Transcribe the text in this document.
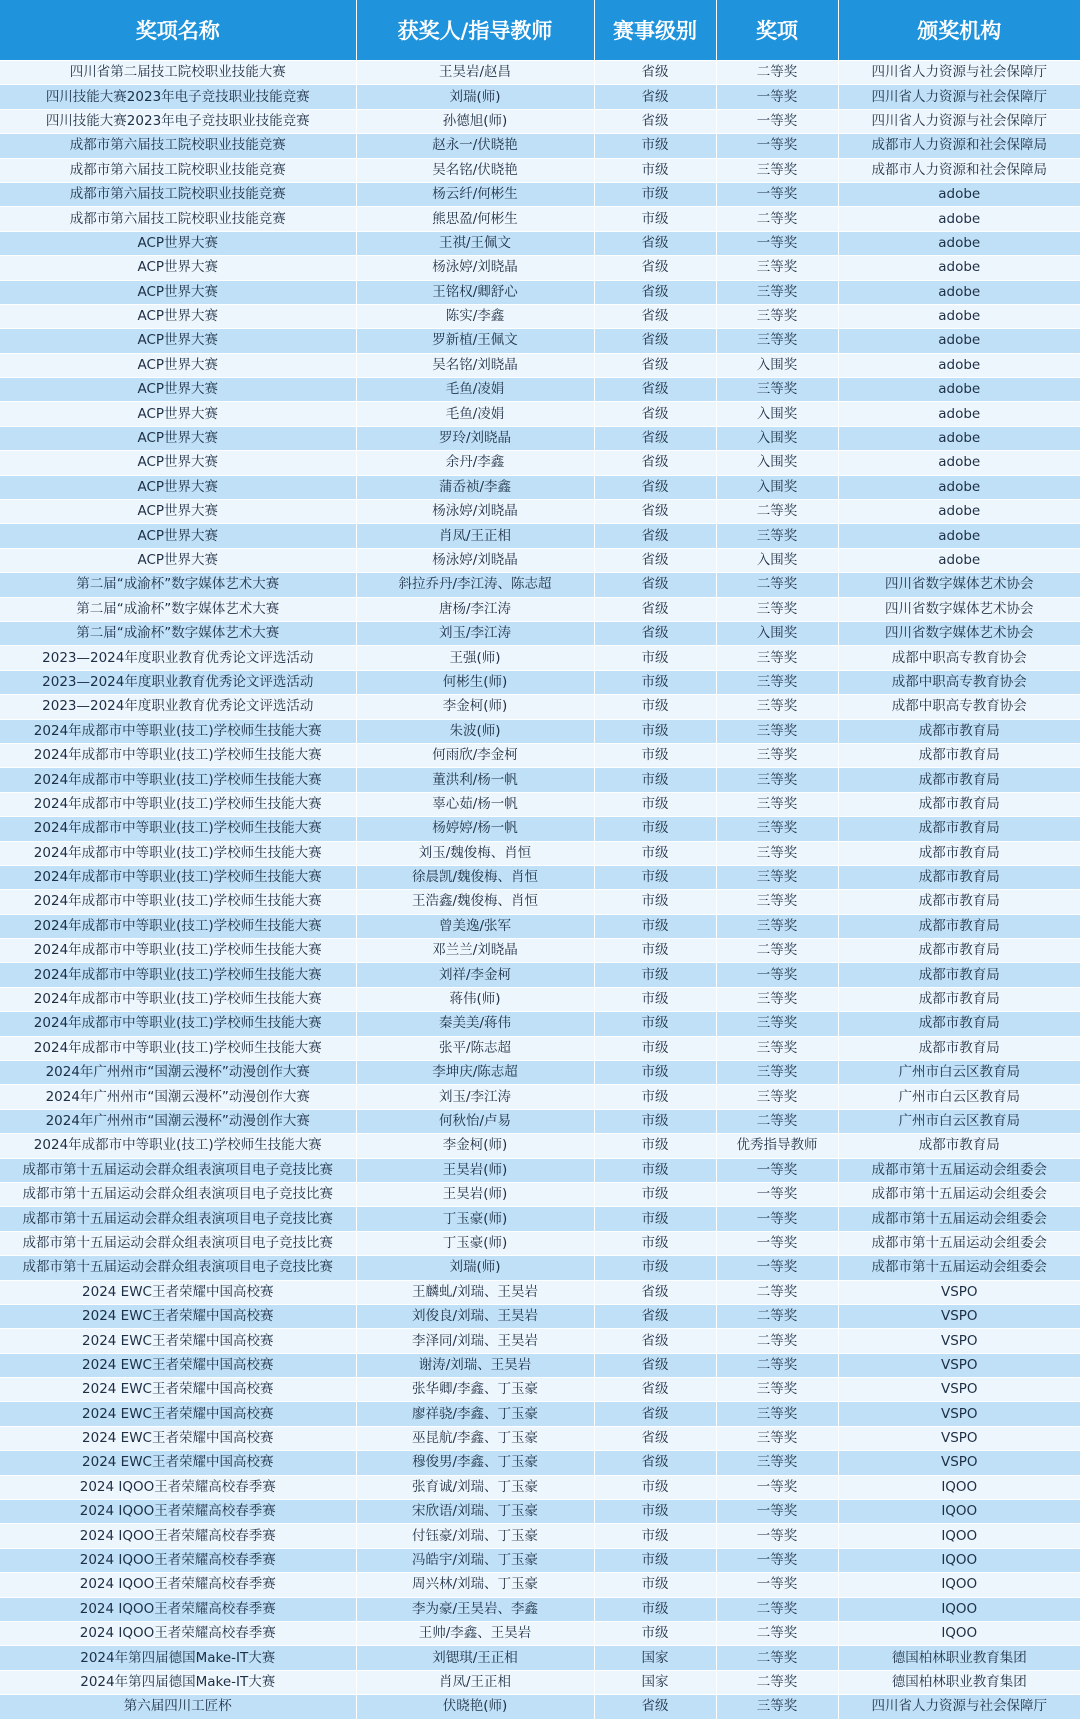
奖项名称	获奖人/指导教师	赛事级别	奖项	颁奖机构
四川省第二届技工院校职业技能大赛	王昊岩/赵昌	省级	二等奖	四川省人力资源与社会保障厅
四川技能大赛2023年电子竞技职业技能竞赛	刘瑞(师)	省级	一等奖	四川省人力资源与社会保障厅
四川技能大赛2023年电子竞技职业技能竞赛	孙德旭(师)	省级	一等奖	四川省人力资源与社会保障厅
成都市第六届技工院校职业技能竞赛	赵永一/伏晓艳	市级	一等奖	成都市人力资源和社会保障局
成都市第六届技工院校职业技能竞赛	吴名铭/伏晓艳	市级	三等奖	成都市人力资源和社会保障局
成都市第六届技工院校职业技能竞赛	杨云纤/何彬生	市级	一等奖	adobe
成都市第六届技工院校职业技能竞赛	熊思盈/何彬生	市级	二等奖	adobe
ACP世界大赛	王祺/王佩文	省级	一等奖	adobe
ACP世界大赛	杨泳婷/刘晓晶	省级	三等奖	adobe
ACP世界大赛	王铭权/卿舒心	省级	三等奖	adobe
ACP世界大赛	陈实/李鑫	省级	三等奖	adobe
ACP世界大赛	罗新植/王佩文	省级	三等奖	adobe
ACP世界大赛	吴名铭/刘晓晶	省级	入围奖	adobe
ACP世界大赛	毛鱼/凌娟	省级	三等奖	adobe
ACP世界大赛	毛鱼/凌娟	省级	入围奖	adobe
ACP世界大赛	罗玲/刘晓晶	省级	入围奖	adobe
ACP世界大赛	余丹/李鑫	省级	入围奖	adobe
ACP世界大赛	蒲岙祯/李鑫	省级	入围奖	adobe
ACP世界大赛	杨泳婷/刘晓晶	省级	二等奖	adobe
ACP世界大赛	肖凤/王正相	省级	三等奖	adobe
ACP世界大赛	杨泳婷/刘晓晶	省级	入围奖	adobe
第二届“成渝杯”数字媒体艺术大赛	斜拉乔丹/李江涛、陈志超	省级	二等奖	四川省数字媒体艺术协会
第二届“成渝杯”数字媒体艺术大赛	唐杨/李江涛	省级	三等奖	四川省数字媒体艺术协会
第二届“成渝杯”数字媒体艺术大赛	刘玉/李江涛	省级	入围奖	四川省数字媒体艺术协会
2023—2024年度职业教育优秀论文评选活动	王强(师)	市级	三等奖	成都中职高专教育协会
2023—2024年度职业教育优秀论文评选活动	何彬生(师)	市级	三等奖	成都中职高专教育协会
2023—2024年度职业教育优秀论文评选活动	李金柯(师)	市级	三等奖	成都中职高专教育协会
2024年成都市中等职业(技工)学校师生技能大赛	朱波(师)	市级	三等奖	成都市教育局
2024年成都市中等职业(技工)学校师生技能大赛	何雨欣/李金柯	市级	三等奖	成都市教育局
2024年成都市中等职业(技工)学校师生技能大赛	董洪利/杨一帆	市级	三等奖	成都市教育局
2024年成都市中等职业(技工)学校师生技能大赛	辜心茹/杨一帆	市级	三等奖	成都市教育局
2024年成都市中等职业(技工)学校师生技能大赛	杨婷婷/杨一帆	市级	三等奖	成都市教育局
2024年成都市中等职业(技工)学校师生技能大赛	刘玉/魏俊梅、肖恒	市级	三等奖	成都市教育局
2024年成都市中等职业(技工)学校师生技能大赛	徐晨凯/魏俊梅、肖恒	市级	三等奖	成都市教育局
2024年成都市中等职业(技工)学校师生技能大赛	王浩鑫/魏俊梅、肖恒	市级	三等奖	成都市教育局
2024年成都市中等职业(技工)学校师生技能大赛	曾美逸/张军	市级	三等奖	成都市教育局
2024年成都市中等职业(技工)学校师生技能大赛	邓兰兰/刘晓晶	市级	二等奖	成都市教育局
2024年成都市中等职业(技工)学校师生技能大赛	刘祥/李金柯	市级	一等奖	成都市教育局
2024年成都市中等职业(技工)学校师生技能大赛	蒋伟(师)	市级	三等奖	成都市教育局
2024年成都市中等职业(技工)学校师生技能大赛	秦美美/蒋伟	市级	三等奖	成都市教育局
2024年成都市中等职业(技工)学校师生技能大赛	张平/陈志超	市级	三等奖	成都市教育局
2024年广州州市“国潮云漫杯”动漫创作大赛	李坤庆/陈志超	市级	三等奖	广州市白云区教育局
2024年广州州市“国潮云漫杯”动漫创作大赛	刘玉/李江涛	市级	三等奖	广州市白云区教育局
2024年广州州市“国潮云漫杯”动漫创作大赛	何秋怡/卢易	市级	二等奖	广州市白云区教育局
2024年成都市中等职业(技工)学校师生技能大赛	李金柯(师)	市级	优秀指导教师	成都市教育局
成都市第十五届运动会群众组表演项目电子竞技比赛	王昊岩(师)	市级	一等奖	成都市第十五届运动会组委会
成都市第十五届运动会群众组表演项目电子竞技比赛	王昊岩(师)	市级	一等奖	成都市第十五届运动会组委会
成都市第十五届运动会群众组表演项目电子竞技比赛	丁玉豪(师)	市级	一等奖	成都市第十五届运动会组委会
成都市第十五届运动会群众组表演项目电子竞技比赛	丁玉豪(师)	市级	一等奖	成都市第十五届运动会组委会
成都市第十五届运动会群众组表演项目电子竞技比赛	刘瑞(师)	市级	一等奖	成都市第十五届运动会组委会
2024 EWC王者荣耀中国高校赛	王麟虬/刘瑞、王昊岩	省级	二等奖	VSPO
2024 EWC王者荣耀中国高校赛	刘俊良/刘瑞、王昊岩	省级	二等奖	VSPO
2024 EWC王者荣耀中国高校赛	李泽同/刘瑞、王昊岩	省级	二等奖	VSPO
2024 EWC王者荣耀中国高校赛	谢涛/刘瑞、王昊岩	省级	二等奖	VSPO
2024 EWC王者荣耀中国高校赛	张华卿/李鑫、丁玉豪	省级	三等奖	VSPO
2024 EWC王者荣耀中国高校赛	廖祥骁/李鑫、丁玉豪	省级	三等奖	VSPO
2024 EWC王者荣耀中国高校赛	巫昆航/李鑫、丁玉豪	省级	三等奖	VSPO
2024 EWC王者荣耀中国高校赛	穆俊男/李鑫、丁玉豪	省级	三等奖	VSPO
2024 IQOO王者荣耀高校春季赛	张育诚/刘瑞、丁玉豪	市级	一等奖	IQOO
2024 IQOO王者荣耀高校春季赛	宋欣语/刘瑞、丁玉豪	市级	一等奖	IQOO
2024 IQOO王者荣耀高校春季赛	付钰豪/刘瑞、丁玉豪	市级	一等奖	IQOO
2024 IQOO王者荣耀高校春季赛	冯皓宇/刘瑞、丁玉豪	市级	一等奖	IQOO
2024 IQOO王者荣耀高校春季赛	周兴林/刘瑞、丁玉豪	市级	一等奖	IQOO
2024 IQOO王者荣耀高校春季赛	李为豪/王昊岩、李鑫	市级	二等奖	IQOO
2024 IQOO王者荣耀高校春季赛	王帅/李鑫、王昊岩	市级	二等奖	IQOO
2024年第四届德国Make-IT大赛	刘锶琪/王正相	国家	二等奖	德国柏林职业教育集团
2024年第四届德国Make-IT大赛	肖凤/王正相	国家	二等奖	德国柏林职业教育集团
第六届四川工匠杯	伏晓艳(师)	省级	三等奖	四川省人力资源与社会保障厅
